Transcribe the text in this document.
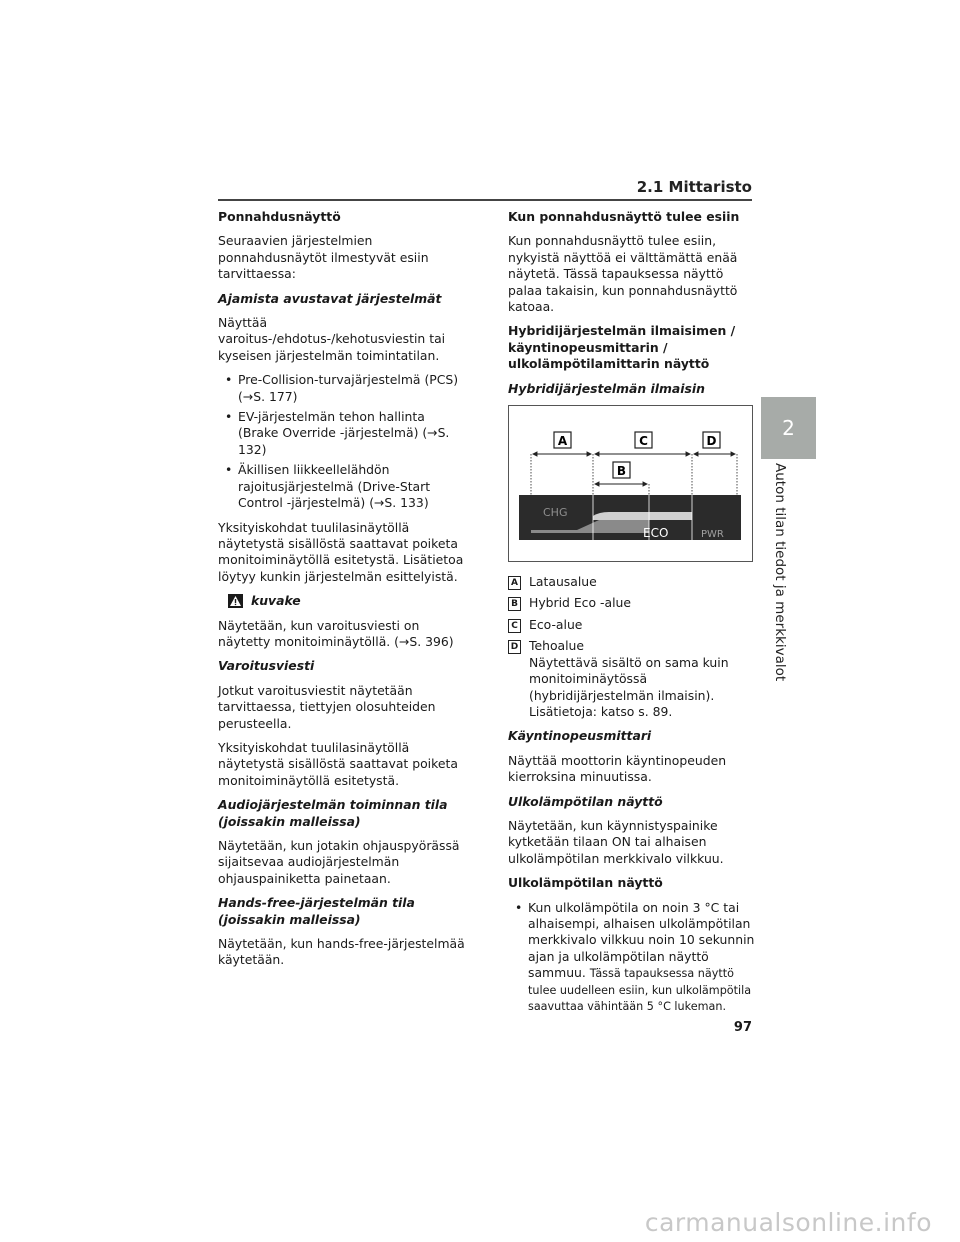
2.1 Mittaristo

Ponnahdusnäyttö

Seuraavien järjestelmien ponnahdusnäytöt ilmestyvät esiin tarvittaessa:

Ajamista avustavat järjestelmät

Näyttää varoitus-/ehdotus-/kehotusviestin tai kyseisen järjestelmän toimintatilan.

• Pre-Collision-turvajärjestelmä (PCS) (→S. 177)
• EV-järjestelmän tehon hallinta (Brake Override -järjestelmä) (→S. 132)
• Äkillisen liikkeellelähdön rajoitusjärjestelmä (Drive-Start Control -järjestelmä) (→S. 133)

Yksityiskohdat tuulilasinäytöllä näytetystä sisällöstä saattavat poiketa monitoiminäytöllä esitetystä. Lisätietoa löytyy kunkin järjestelmän esittelyistä.

kuvake

Näytetään, kun varoitusviesti on näytetty monitoiminäytöllä. (→S. 396)

Varoitusviesti

Jotkut varoitusviestit näytetään tarvittaessa, tiettyjen olosuhteiden perusteella.

Yksityiskohdat tuulilasinäytöllä näytetystä sisällöstä saattavat poiketa monitoiminäytöllä esitetystä.

Audiojärjestelmän toiminnan tila (joissakin malleissa)

Näytetään, kun jotakin ohjauspyörässä sijaitsevaa audiojärjestelmän ohjauspainiketta painetaan.

Hands-free-järjestelmän tila (joissakin malleissa)

Näytetään, kun hands-free-järjestelmää käytetään.

Kun ponnahdusnäyttö tulee esiin

Kun ponnahdusnäyttö tulee esiin, nykyistä näyttöä ei välttämättä enää näytetä. Tässä tapauksessa näyttö palaa takaisin, kun ponnahdusnäyttö katoaa.

Hybridijärjestelmän ilmaisimen / käyntinopeusmittarin / ulkolämpötilamittarin näyttö

Hybridijärjestelmän ilmaisin

A	C	D
B
CHG
ECO	PWR
A Latausalue
B Hybrid Eco -alue
C Eco-alue
D Tehoalue
Näytettävä sisältö on sama kuin monitoiminäytössä (hybridijärjestelmän ilmaisin). Lisätietoja: katso s. 89.

Käyntinopeusmittari

Näyttää moottorin käyntinopeuden kierroksina minuutissa.

Ulkolämpötilan näyttö

Näytetään, kun käynnistyspainike kytketään tilaan ON tai alhaisen ulkolämpötilan merkkivalo vilkkuu.

Ulkolämpötilan näyttö

• Kun ulkolämpötila on noin 3 °C tai alhaisempi, alhaisen ulkolämpötilan merkkivalo vilkkuu noin 10 sekunnin ajan ja ulkolämpötilan näyttö sammuu. Tässä tapauksessa näyttö tulee uudelleen esiin, kun ulkolämpötila saavuttaa vähintään 5 °C lukeman.
2
Auton tilan tiedot ja merkkivalot
97
carmanualsonline.info
